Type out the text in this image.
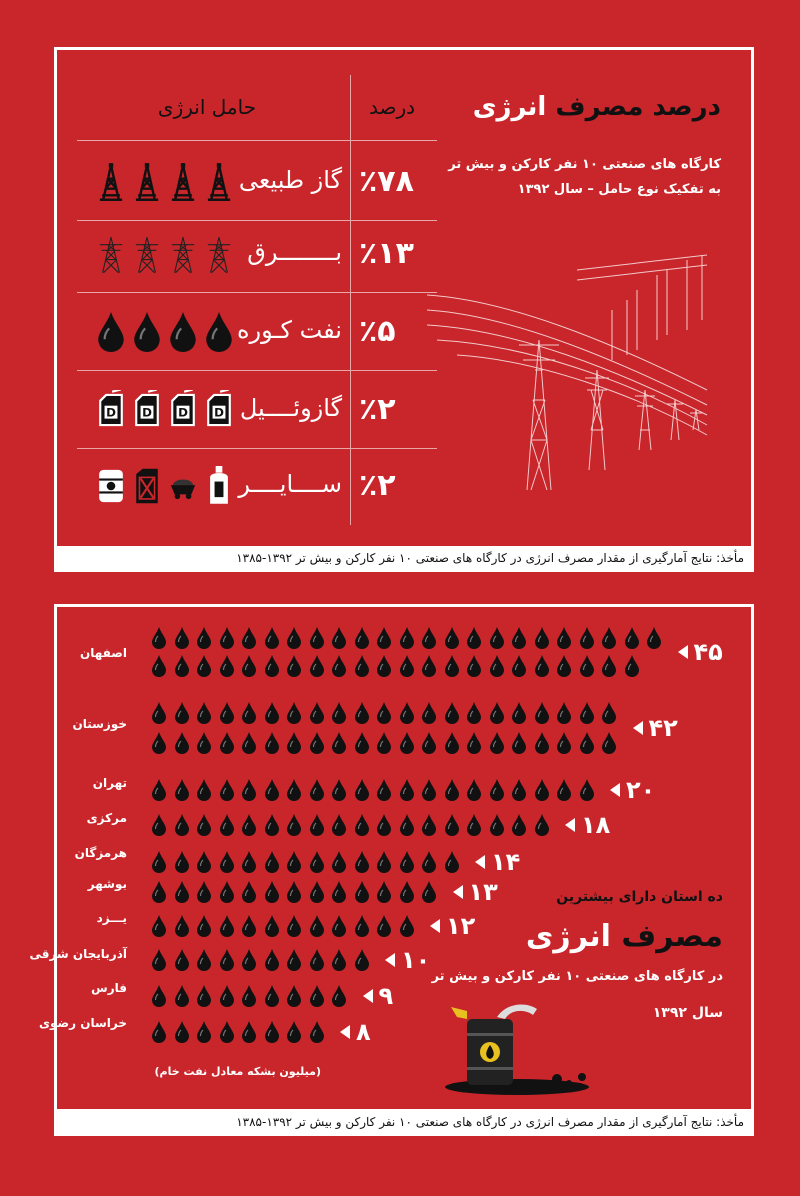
درصد مصرف انرژی
کارگاه های صنعتی ۱۰ نفر کارکن و بیش تر
به تفکیک نوع حامل – سال ۱۳۹۲
درصد
حامل انرژی
٪۷۸
گاز طبیعی
٪۱۳
بــــــــرق
٪۵
نفت کـوره
٪۲
گازوئــــیل
٪۲
ســــایــــر
مأخذ: نتایج آمارگیری از مقدار مصرف انرژی در کارگاه های صنعتی ۱۰ نفر کارکن و بیش تر ۱۳۹۲-۱۳۸۵
۴۵
اصفهان
۴۲
خوزستان
۲۰
تهران
۱۸
مرکزی
۱۴
هرمزگان
۱۳
بوشهر
۱۲
یـــزد
۱۰
آذربایجان شرقی
۹
فارس
۸
خراسان رضوی
ده استان دارای بیشترین
مصرف انرژی
در کارگاه های صنعتی ۱۰ نفر کارکن و بیش تر
سال ۱۳۹۲
(میلیون بشکه معادل نفت خام)
مأخذ: نتایج آمارگیری از مقدار مصرف انرژی در کارگاه های صنعتی ۱۰ نفر کارکن و بیش تر ۱۳۹۲-۱۳۸۵
